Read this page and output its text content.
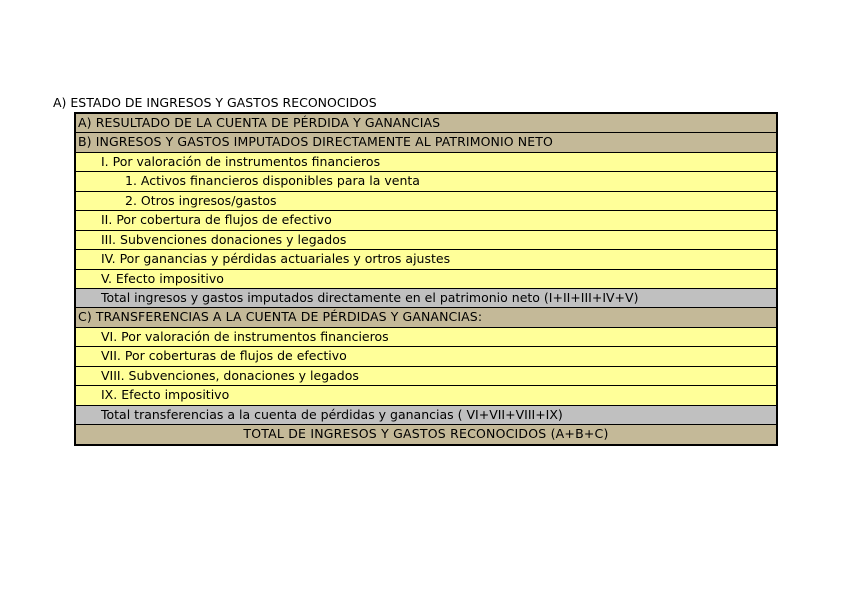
A) ESTADO DE INGRESOS Y GASTOS RECONOCIDOS
A) RESULTADO DE LA CUENTA DE PÉRDIDA Y GANANCIAS
B) INGRESOS Y GASTOS IMPUTADOS DIRECTAMENTE AL PATRIMONIO NETO
I. Por valoración de instrumentos financieros
1. Activos financieros disponibles para la venta
2. Otros ingresos/gastos
II. Por cobertura de flujos de efectivo
III. Subvenciones donaciones y legados
IV. Por ganancias y pérdidas actuariales y ortros ajustes
V. Efecto impositivo
Total ingresos y gastos imputados directamente en el patrimonio neto (I+II+III+IV+V)
C) TRANSFERENCIAS A LA CUENTA DE PÉRDIDAS Y GANANCIAS:
VI. Por valoración de instrumentos financieros
VII. Por coberturas de flujos de efectivo
VIII. Subvenciones, donaciones y legados
IX. Efecto impositivo
Total transferencias a la cuenta de pérdidas y ganancias ( VI+VII+VIII+IX)
TOTAL DE INGRESOS Y GASTOS RECONOCIDOS (A+B+C)
